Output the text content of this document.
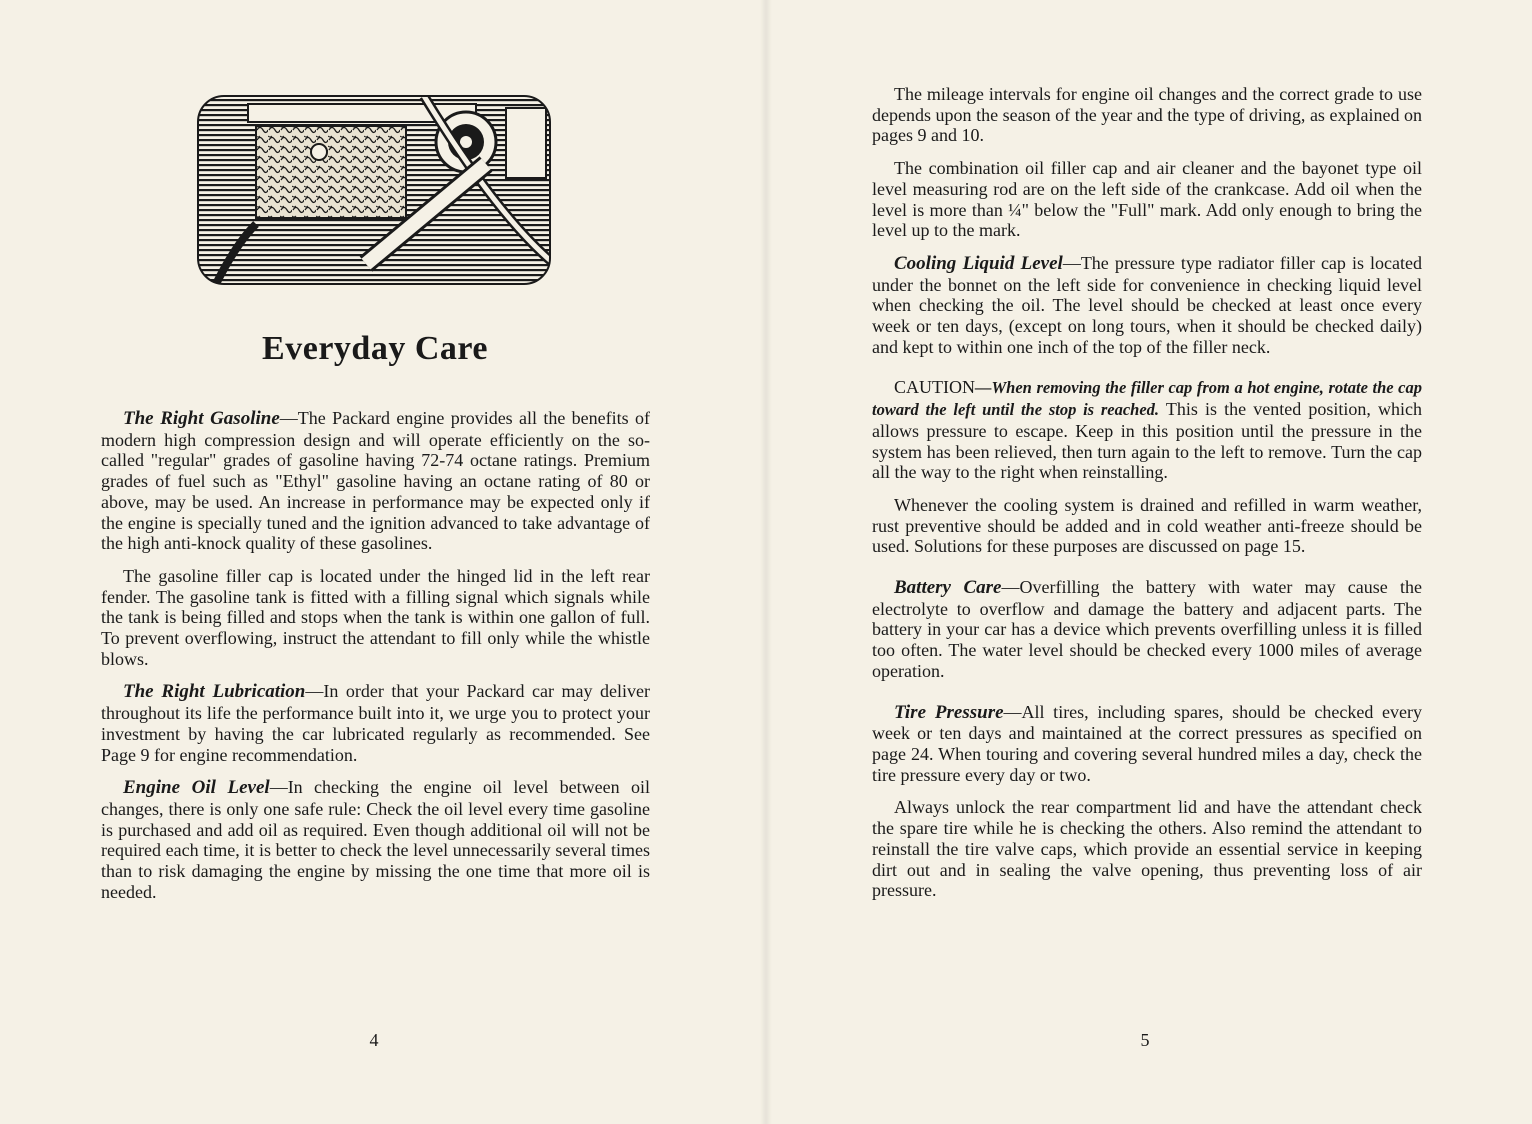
Everyday Care

The Right Gasoline—The Packard engine provides all the benefits of modern high compression design and will operate efficiently on the so-called "regular" grades of gasoline having 72-74 octane ratings. Premium grades of fuel such as "Ethyl" gasoline having an octane rating of 80 or above, may be used. An increase in performance may be expected only if the engine is specially tuned and the ignition advanced to take advantage of the high anti-knock quality of these gasolines.

The gasoline filler cap is located under the hinged lid in the left rear fender. The gasoline tank is fitted with a filling signal which signals while the tank is being filled and stops when the tank is within one gallon of full. To prevent overflowing, instruct the attendant to fill only while the whistle blows.

The Right Lubrication—In order that your Packard car may deliver throughout its life the performance built into it, we urge you to protect your investment by having the car lubricated regularly as recommended. See Page 9 for engine recommendation.

Engine Oil Level—In checking the engine oil level between oil changes, there is only one safe rule: Check the oil level every time gasoline is purchased and add oil as required. Even though additional oil will not be required each time, it is better to check the level unnecessarily several times than to risk damaging the engine by missing the one time that more oil is needed.

4

The mileage intervals for engine oil changes and the correct grade to use depends upon the season of the year and the type of driving, as explained on pages 9 and 10.

The combination oil filler cap and air cleaner and the bayonet type oil level measuring rod are on the left side of the crankcase. Add oil when the level is more than ¼" below the "Full" mark. Add only enough to bring the level up to the mark.

Cooling Liquid Level—The pressure type radiator filler cap is located under the bonnet on the left side for convenience in checking liquid level when checking the oil. The level should be checked at least once every week or ten days, (except on long tours, when it should be checked daily) and kept to within one inch of the top of the filler neck.

CAUTION—When removing the filler cap from a hot engine, rotate the cap toward the left until the stop is reached. This is the vented position, which allows pressure to escape. Keep in this position until the pressure in the system has been relieved, then turn again to the left to remove. Turn the cap all the way to the right when reinstalling.

Whenever the cooling system is drained and refilled in warm weather, rust preventive should be added and in cold weather anti-freeze should be used. Solutions for these purposes are discussed on page 15.

Battery Care—Overfilling the battery with water may cause the electrolyte to overflow and damage the battery and adjacent parts. The battery in your car has a device which prevents overfilling unless it is filled too often. The water level should be checked every 1000 miles of average operation.

Tire Pressure—All tires, including spares, should be checked every week or ten days and maintained at the correct pressures as specified on page 24. When touring and covering several hundred miles a day, check the tire pressure every day or two.

Always unlock the rear compartment lid and have the attendant check the spare tire while he is checking the others. Also remind the attendant to reinstall the tire valve caps, which provide an essential service in keeping dirt out and in sealing the valve opening, thus preventing loss of air pressure.

5
